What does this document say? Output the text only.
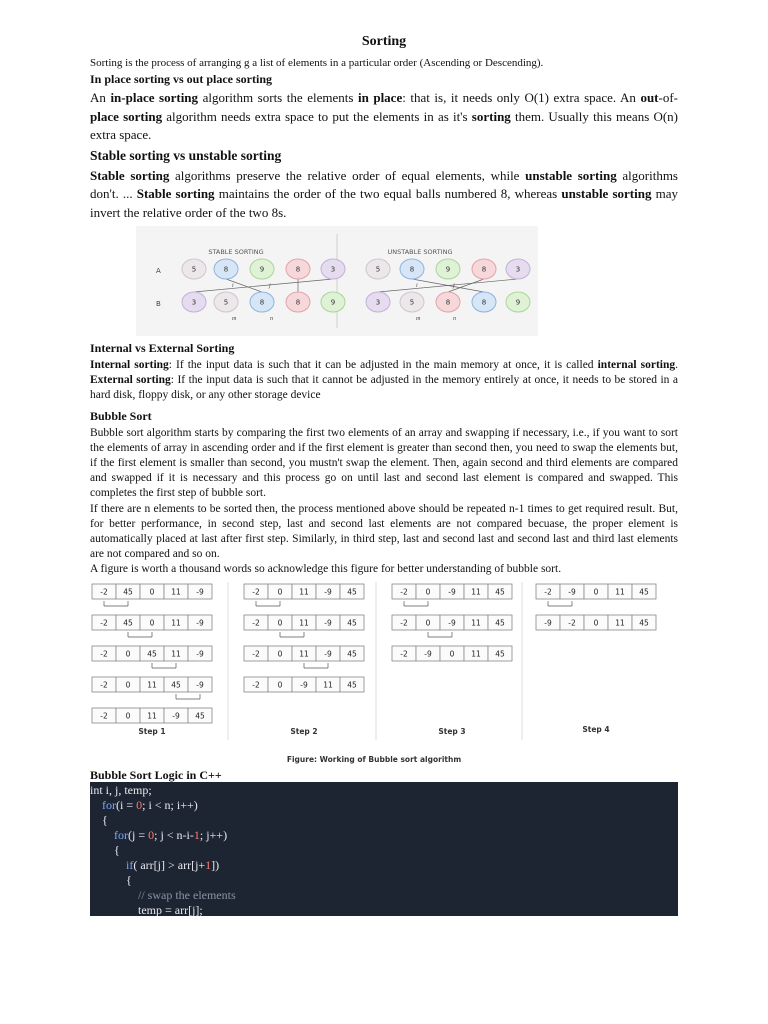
Sorting

Sorting is the process of arranging g a list of elements in a particular order (Ascending or Descending).

In place sorting vs out place sorting

An in-place sorting algorithm sorts the elements in place: that is, it needs only O(1) extra space. An out-of-place sorting algorithm needs extra space to put the elements in as it's sorting them. Usually this means O(n) extra space.

Stable sorting vs unstable sorting

Stable sorting algorithms preserve the relative order of equal elements, while unstable sorting algorithms don't. ... Stable sorting maintains the order of the two equal balls numbered 8, whereas unstable sorting may invert the relative order of the two 8s.

STABLE SORTING	UNSTABLE SORTING
A
B
5	8	9	8	3
3	5	8	8	9
5	8	9	8	3
3	5	8	8	9
i	j
m	n
i	j
m	n

Internal vs External Sorting

Internal sorting: If the input data is such that it can be adjusted in the main memory at once, it is called internal sorting. External sorting: If the input data is such that it cannot be adjusted in the memory entirely at once, it needs to be stored in a hard disk, floppy disk, or any other storage device

Bubble Sort

Bubble sort algorithm starts by comparing the first two elements of an array and swapping if necessary, i.e., if you want to sort the elements of array in ascending order and if the first element is greater than second then, you need to swap the elements but, if the first element is smaller than second, you mustn't swap the element. Then, again second and third elements are compared and swapped if it is necessary and this process go on until last and second last element is compared and swapped. This completes the first step of bubble sort.

If there are n elements to be sorted then, the process mentioned above should be repeated n-1 times to get required result. But, for better performance, in second step, last and second last elements are not compared becuase, the proper element is automatically placed at last after first step. Similarly, in third step, last and second last and second last and third last elements are not compared and so on.

A figure is worth a thousand words so acknowledge this figure for better understanding of bubble sort.

-2 45 0 11 -9
-2 45 0 11 -9
-2 0 45 11 -9
-2 0 11 45 -9
-2 0 11 -9 45
Step 1
-2 0 11 -9 45
-2 0 11 -9 45
-2 0 11 -9 45
-2 0 -9 11 45
Step 2
-2 0 -9 11 45
-2 0 -9 11 45
-2 -9 0 11 45
Step 3
-2 -9 0 11 45
-9 -2 0 11 45
Step 4
Figure: Working of Bubble sort algorithm

Bubble Sort Logic in C++

int i, j, temp;
for(i = 0; i < n; i++)
{
for(j = 0; j < n-i-1; j++)
{
if( arr[j] > arr[j+1])
{
// swap the elements
temp = arr[j];
